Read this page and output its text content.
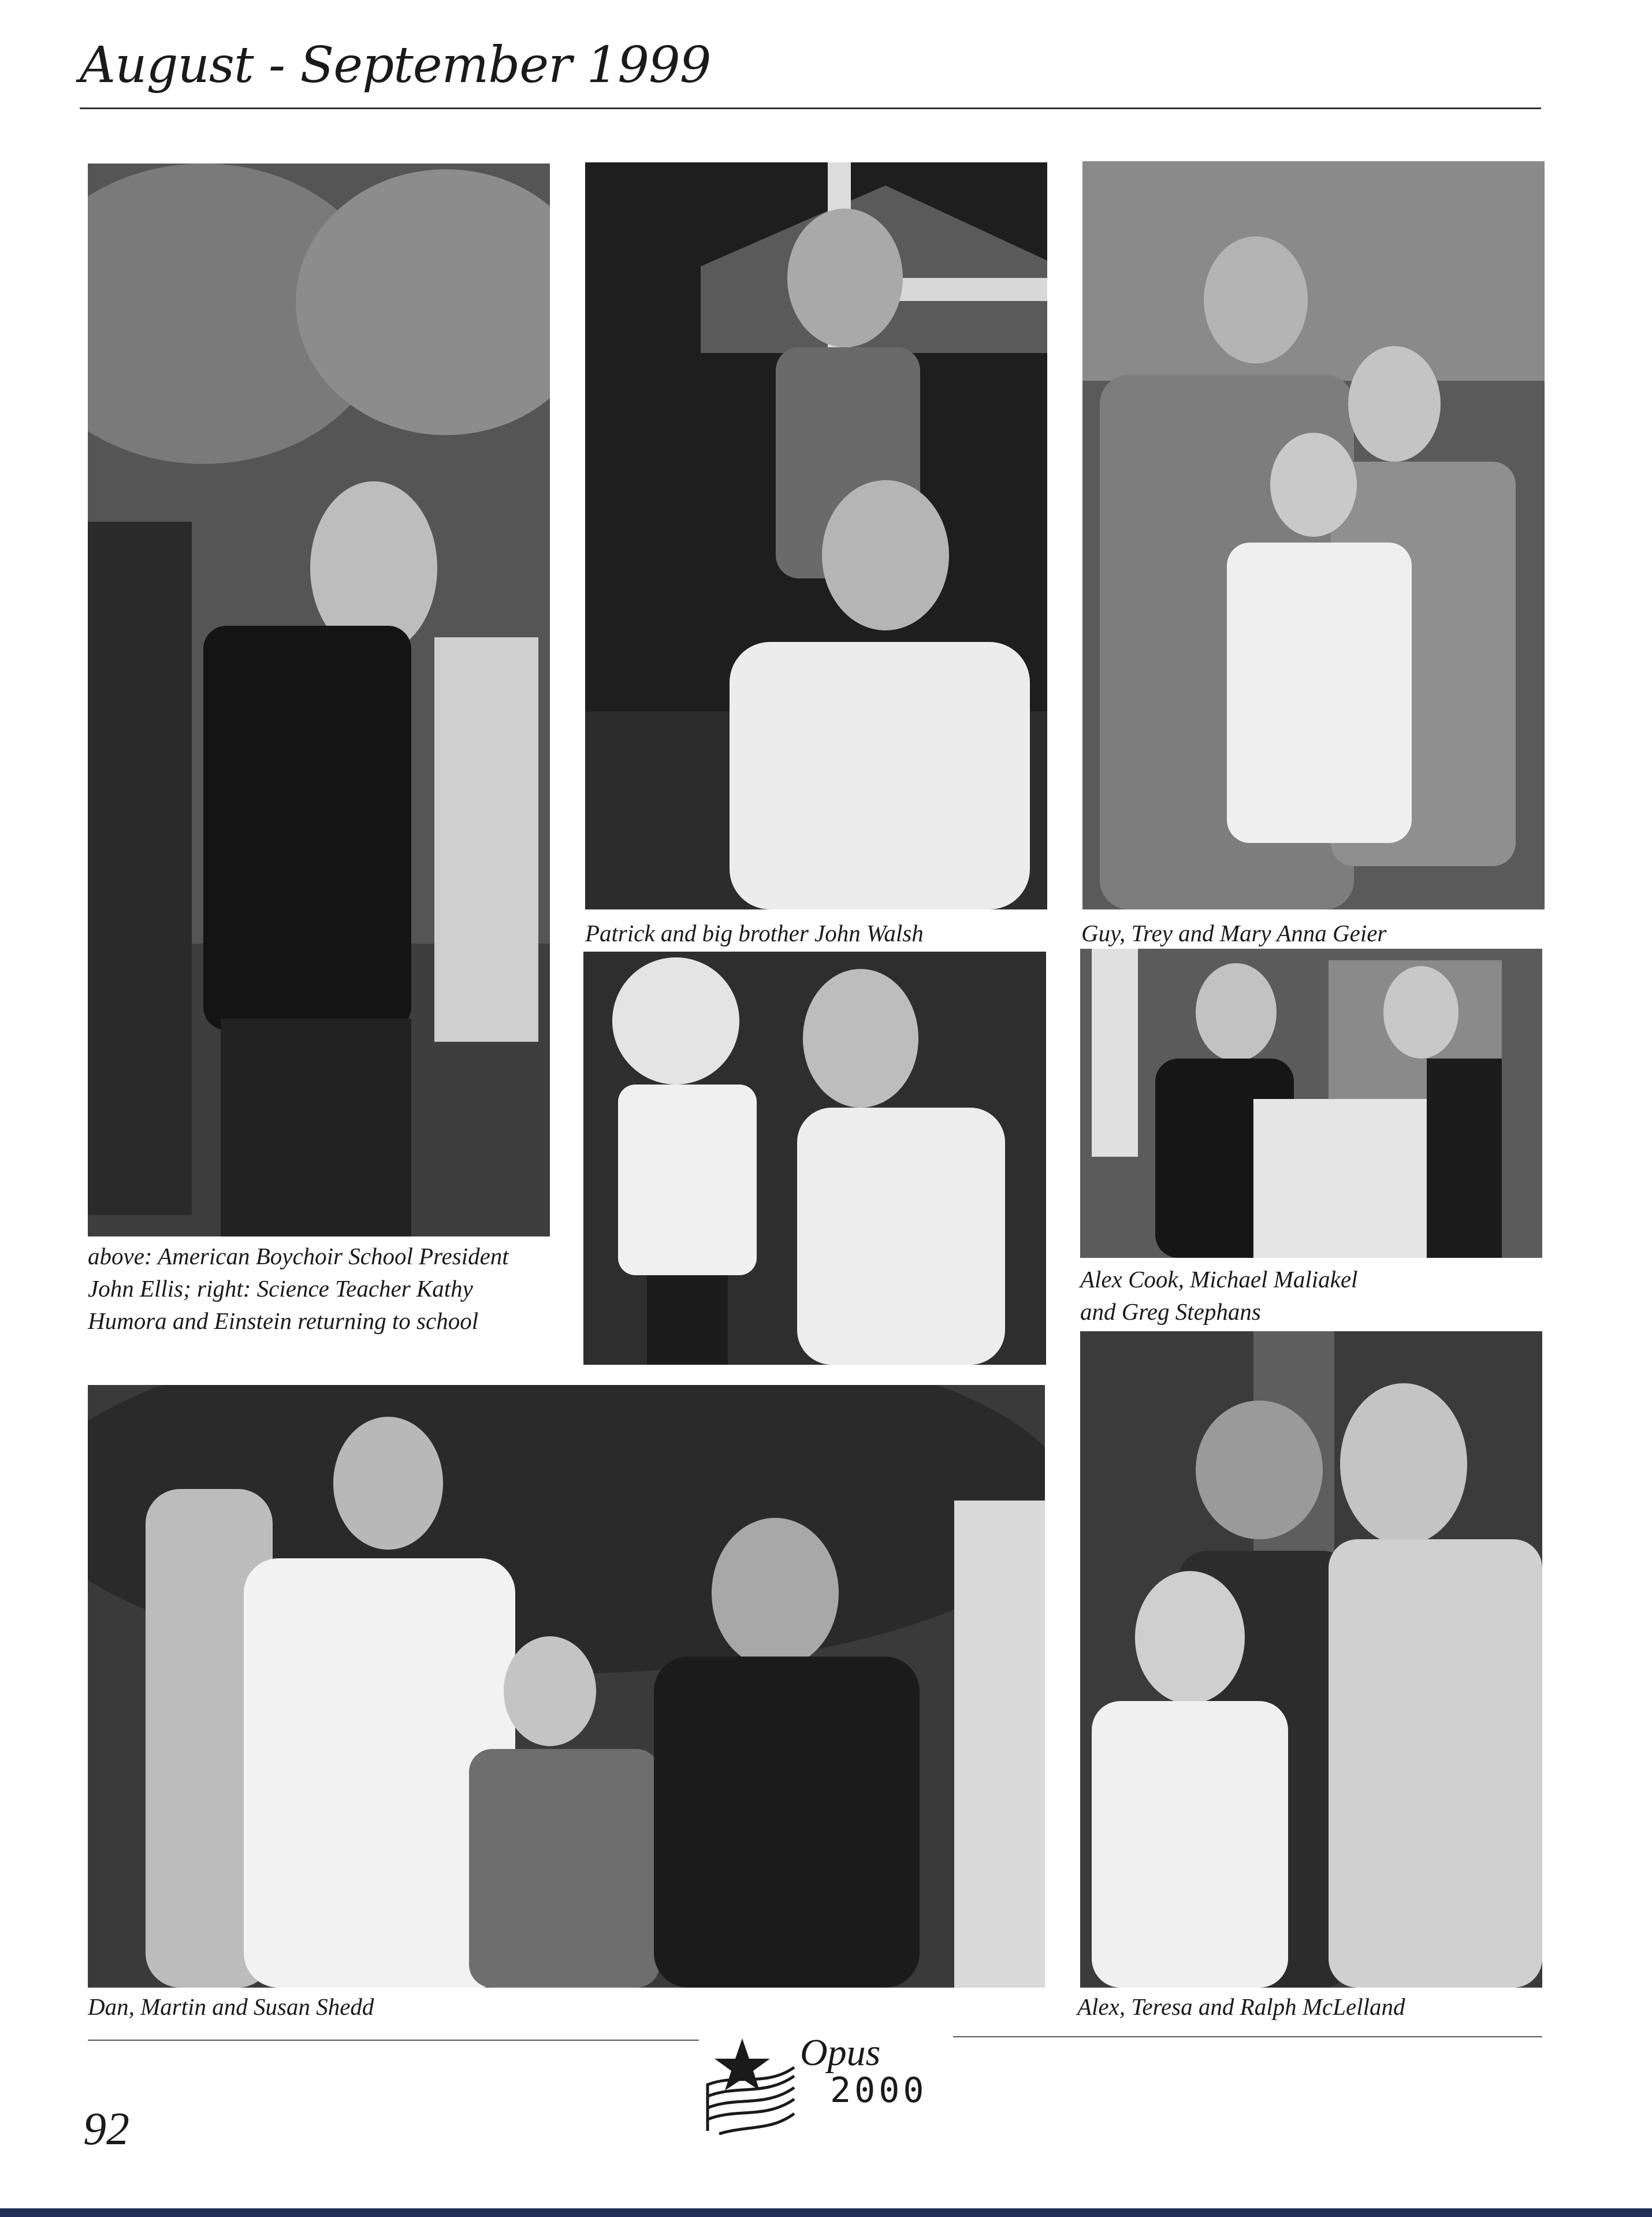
August - September 1999
Patrick and big brother John Walsh	Guy, Trey and Mary Anna Geier
above: American Boychoir School President
John Ellis; right: Science Teacher Kathy
Humora and Einstein returning to school
Alex Cook, Michael Maliakel
and Greg Stephans
Dan, Martin and Susan Shedd	Alex, Teresa and Ralph McLelland
Opus
2000
92
